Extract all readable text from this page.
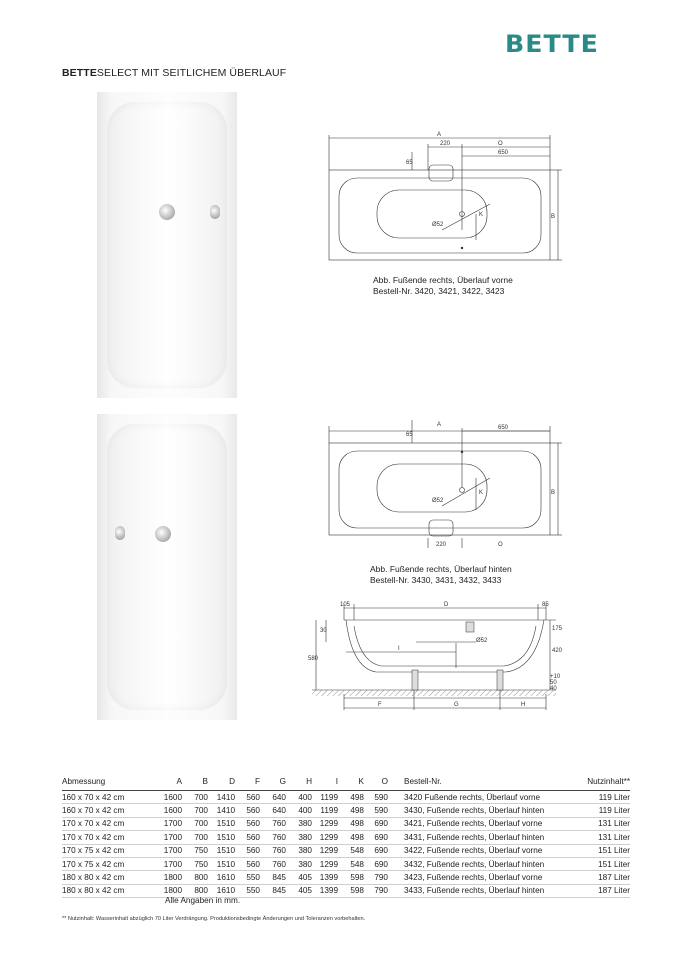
BETTE
BETTESELECT MIT SEITLICHEM ÜBERLAUF
A
220	O
650
65
B
K
Ø52
Abb. Fußende rechts, Überlauf vorne
Bestell-Nr. 3420, 3421, 3422, 3423
A	650
65
B
K
Ø52
220	O
Abb. Fußende rechts, Überlauf hinten
Bestell-Nr. 3430, 3431, 3432, 3433
105	D	85
175
420
30
580
I
Ø52
+10
50
40
F	G	H
Abmessung	A	B	D	F	G	H	I	K	O	Bestell-Nr.	Nutzinhalt**
160 x 70 x 42 cm	1600	700	1410	560	640	400	1199	498	590	3420 Fußende rechts, Überlauf vorne	119 Liter
160 x 70 x 42 cm	1600	700	1410	560	640	400	1199	498	590	3430, Fußende rechts, Überlauf hinten	119 Liter
170 x 70 x 42 cm	1700	700	1510	560	760	380	1299	498	690	3421, Fußende rechts, Überlauf vorne	131 Liter
170 x 70 x 42 cm	1700	700	1510	560	760	380	1299	498	690	3431, Fußende rechts, Überlauf hinten	131 Liter
170 x 75 x 42 cm	1700	750	1510	560	760	380	1299	548	690	3422, Fußende rechts, Überlauf vorne	151 Liter
170 x 75 x 42 cm	1700	750	1510	560	760	380	1299	548	690	3432, Fußende rechts, Überlauf hinten	151 Liter
180 x 80 x 42 cm	1800	800	1610	550	845	405	1399	598	790	3423, Fußende rechts, Überlauf vorne	187 Liter
180 x 80 x 42 cm	1800	800	1610	550	845	405	1399	598	790	3433, Fußende rechts, Überlauf hinten	187 Liter
Alle Angaben in mm.
** Nutzinhalt: Wasserinhalt abzüglich 70 Liter Verdrängung. Produktionsbedingte Änderungen und Toleranzen vorbehalten.
